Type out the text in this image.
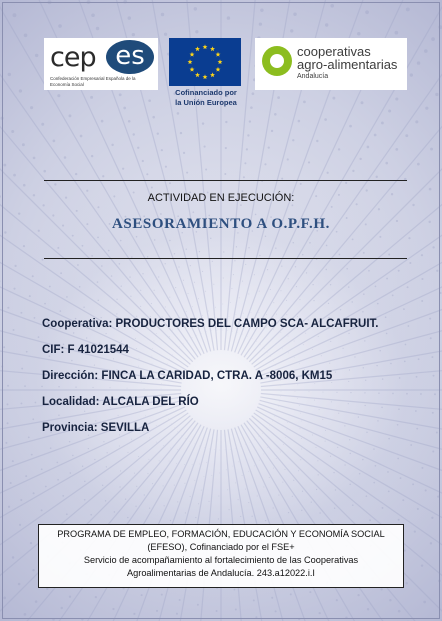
cep es
Confederación Empresarial Española de la Economía Social
Cofinanciado por
la Unión Europea
cooperativas
agro-alimentarias
Andalucía
ACTIVIDAD EN EJECUCIÓN:
ASESORAMIENTO A O.P.F.H.
Cooperativa: PRODUCTORES DEL CAMPO SCA- ALCAFRUIT.
CIF: F 41021544
Dirección: FINCA LA CARIDAD, CTRA. A -8006, KM15
Localidad: ALCALA DEL RÍO
Provincia: SEVILLA
PROGRAMA DE EMPLEO, FORMACIÓN, EDUCACIÓN Y ECONOMÍA SOCIAL
(EFESO), Cofinanciado por el FSE+
Servicio de acompañamiento al fortalecimiento de las Cooperativas
Agroalimentarias de Andalucía. 243.a12022.i.I
